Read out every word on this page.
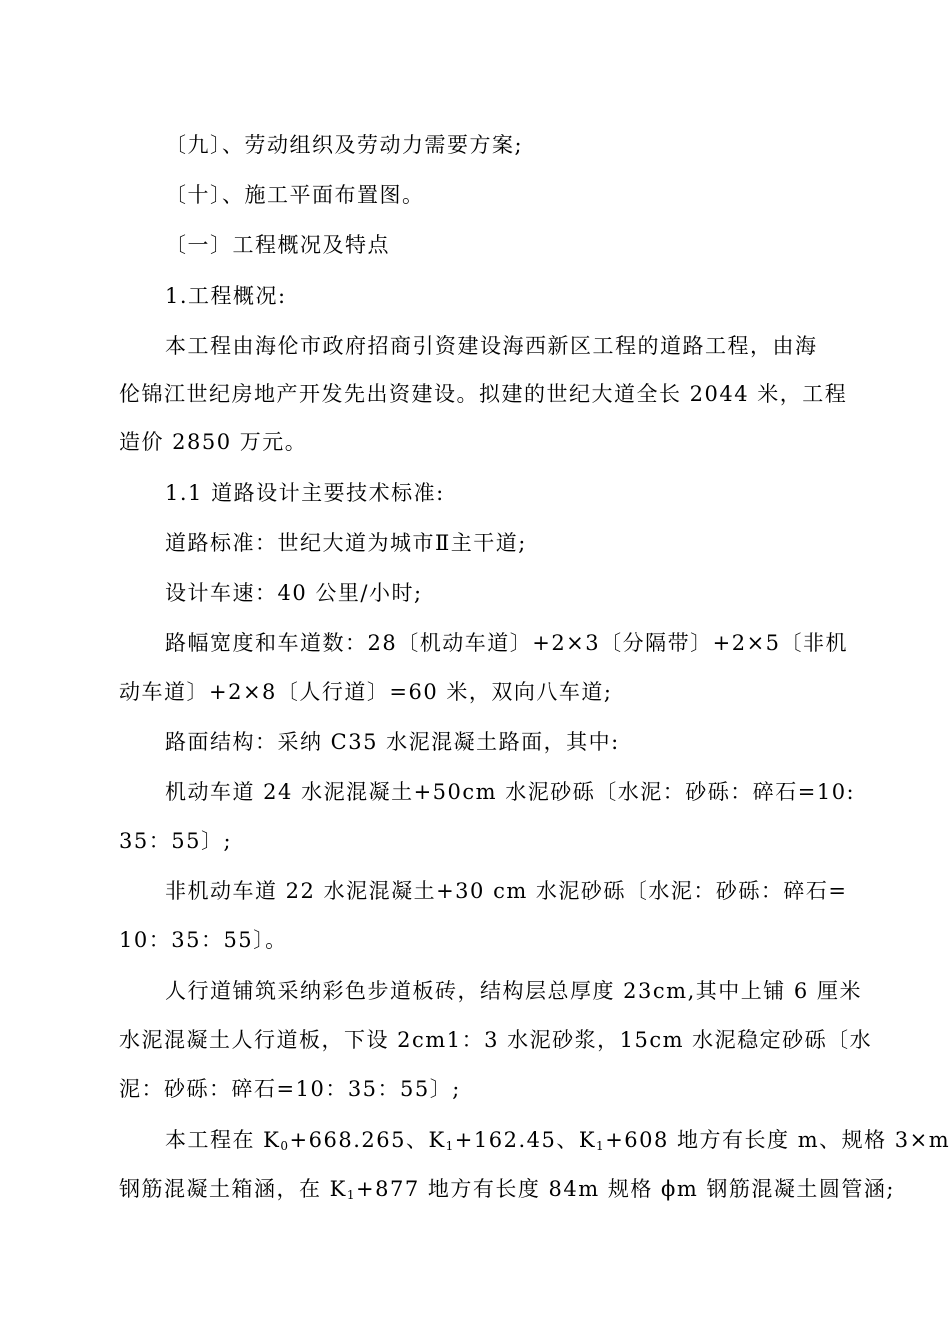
〔九〕、劳动组织及劳动力需要方案;
〔十〕、施工平面布置图。
〔一〕工程概况及特点
1.工程概况:
本工程由海伦市政府招商引资建设海西新区工程的道路工程，由海
伦锦江世纪房地产开发先出资建设。拟建的世纪大道全长 2044 米，工程
造价 2850 万元。
1.1 道路设计主要技术标准:
道路标准：世纪大道为城市Ⅱ主干道;
设计车速：40 公里/小时;
路幅宽度和车道数：28〔机动车道〕+2×3〔分隔带〕+2×5〔非机
动车道〕+2×8〔人行道〕=60 米，双向八车道;
路面结构：采纳 C35 水泥混凝土路面，其中:
机动车道 24 水泥混凝土+50cm 水泥砂砾〔水泥：砂砾：碎石=10:
35：55〕;
非机动车道 22 水泥混凝土+30 cm 水泥砂砾〔水泥：砂砾：碎石=
10：35：55〕。
人行道铺筑采纳彩色步道板砖，结构层总厚度 23cm,其中上铺 6 厘米
水泥混凝土人行道板，下设 2cm1：3 水泥砂浆，15cm 水泥稳定砂砾〔水
泥：砂砾：碎石=10：35：55〕;
本工程在 $K_0+668.265$、$K_1+162.45$、$K_1+608$ 地方有长度 m、规格 3×m
钢筋混凝土箱涵，在 $K_1+877$ 地方有长度 84m 规格 ϕm 钢筋混凝土圆管涵;
